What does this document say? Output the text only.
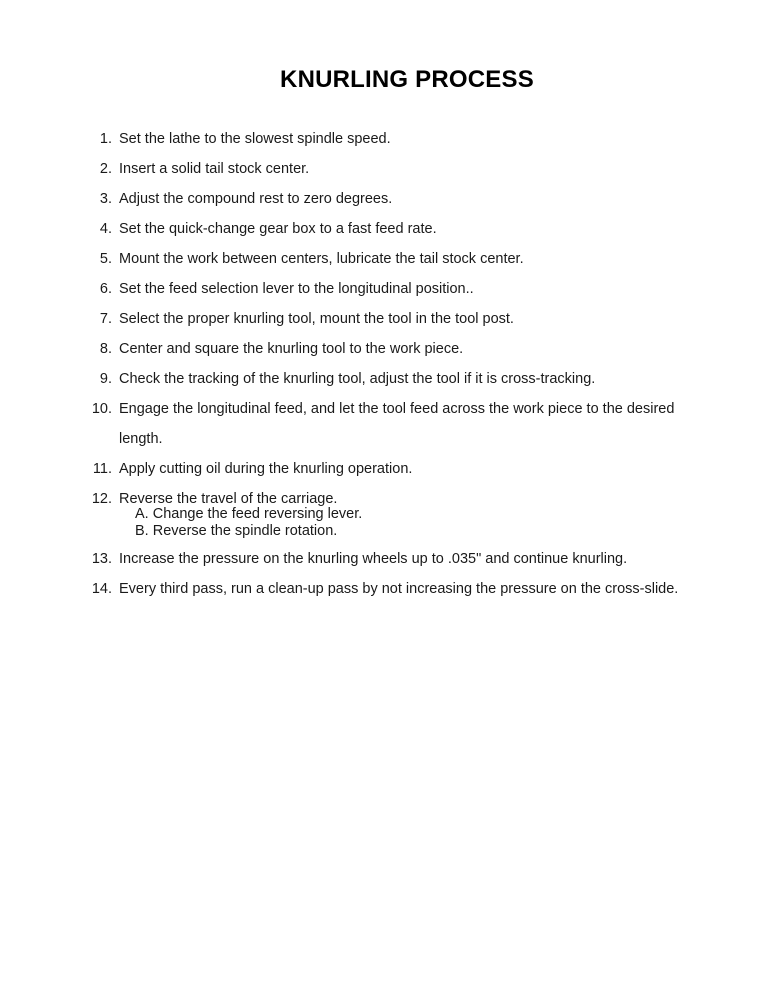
KNURLING PROCESS
1. Set the lathe to the slowest spindle speed.
2. Insert a solid tail stock center.
3. Adjust the compound rest to zero degrees.
4. Set the quick-change gear box to a fast feed rate.
5. Mount the work between centers, lubricate the tail stock center.
6. Set the feed selection lever to the longitudinal position..
7. Select the proper knurling tool, mount the tool in the tool post.
8. Center and square the knurling tool to the work piece.
9. Check the tracking of the knurling tool, adjust the tool if it is cross-tracking.
10. Engage the longitudinal feed, and let the tool feed across the work piece to the desired length.
11. Apply cutting oil during the knurling operation.
12. Reverse the travel of the carriage.
A. Change the feed reversing lever.
B. Reverse the spindle rotation.
13. Increase the pressure on the knurling wheels up to .035" and continue knurling.
14. Every third pass, run a clean-up pass by not increasing the pressure on the cross-slide.
